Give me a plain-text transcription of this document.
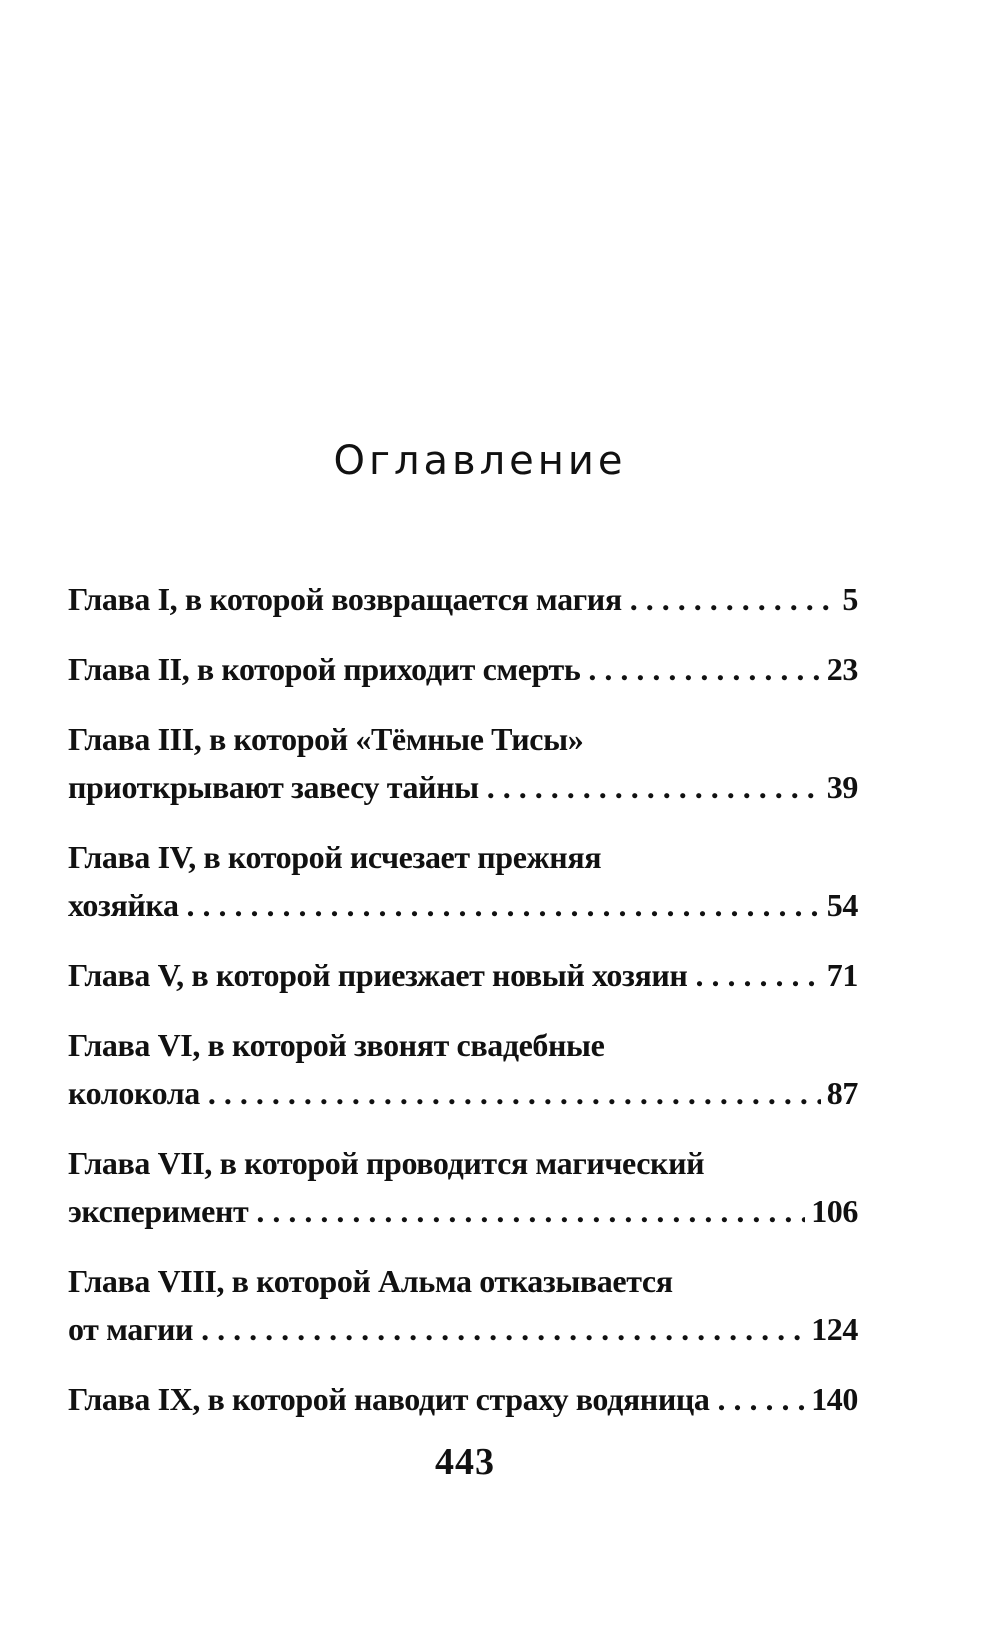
Оглавление
Глава I, в которой возвращается магия . . .	5
Глава II, в которой приходит смерть . . .	23
Глава III, в которой «Тёмные Тисы»
приоткрывают завесу тайны . . .	39
Глава IV, в которой исчезает прежняя
хозяйка . . .	54
Глава V, в которой приезжает новый хозяин . . .	71
Глава VI, в которой звонят свадебные
колокола . . .	87
Глава VII, в которой проводится магический
эксперимент . . .	106
Глава VIII, в которой Альма отказывается
от магии . . .	124
Глава IX, в которой наводит страху водяница . . .	140
443
